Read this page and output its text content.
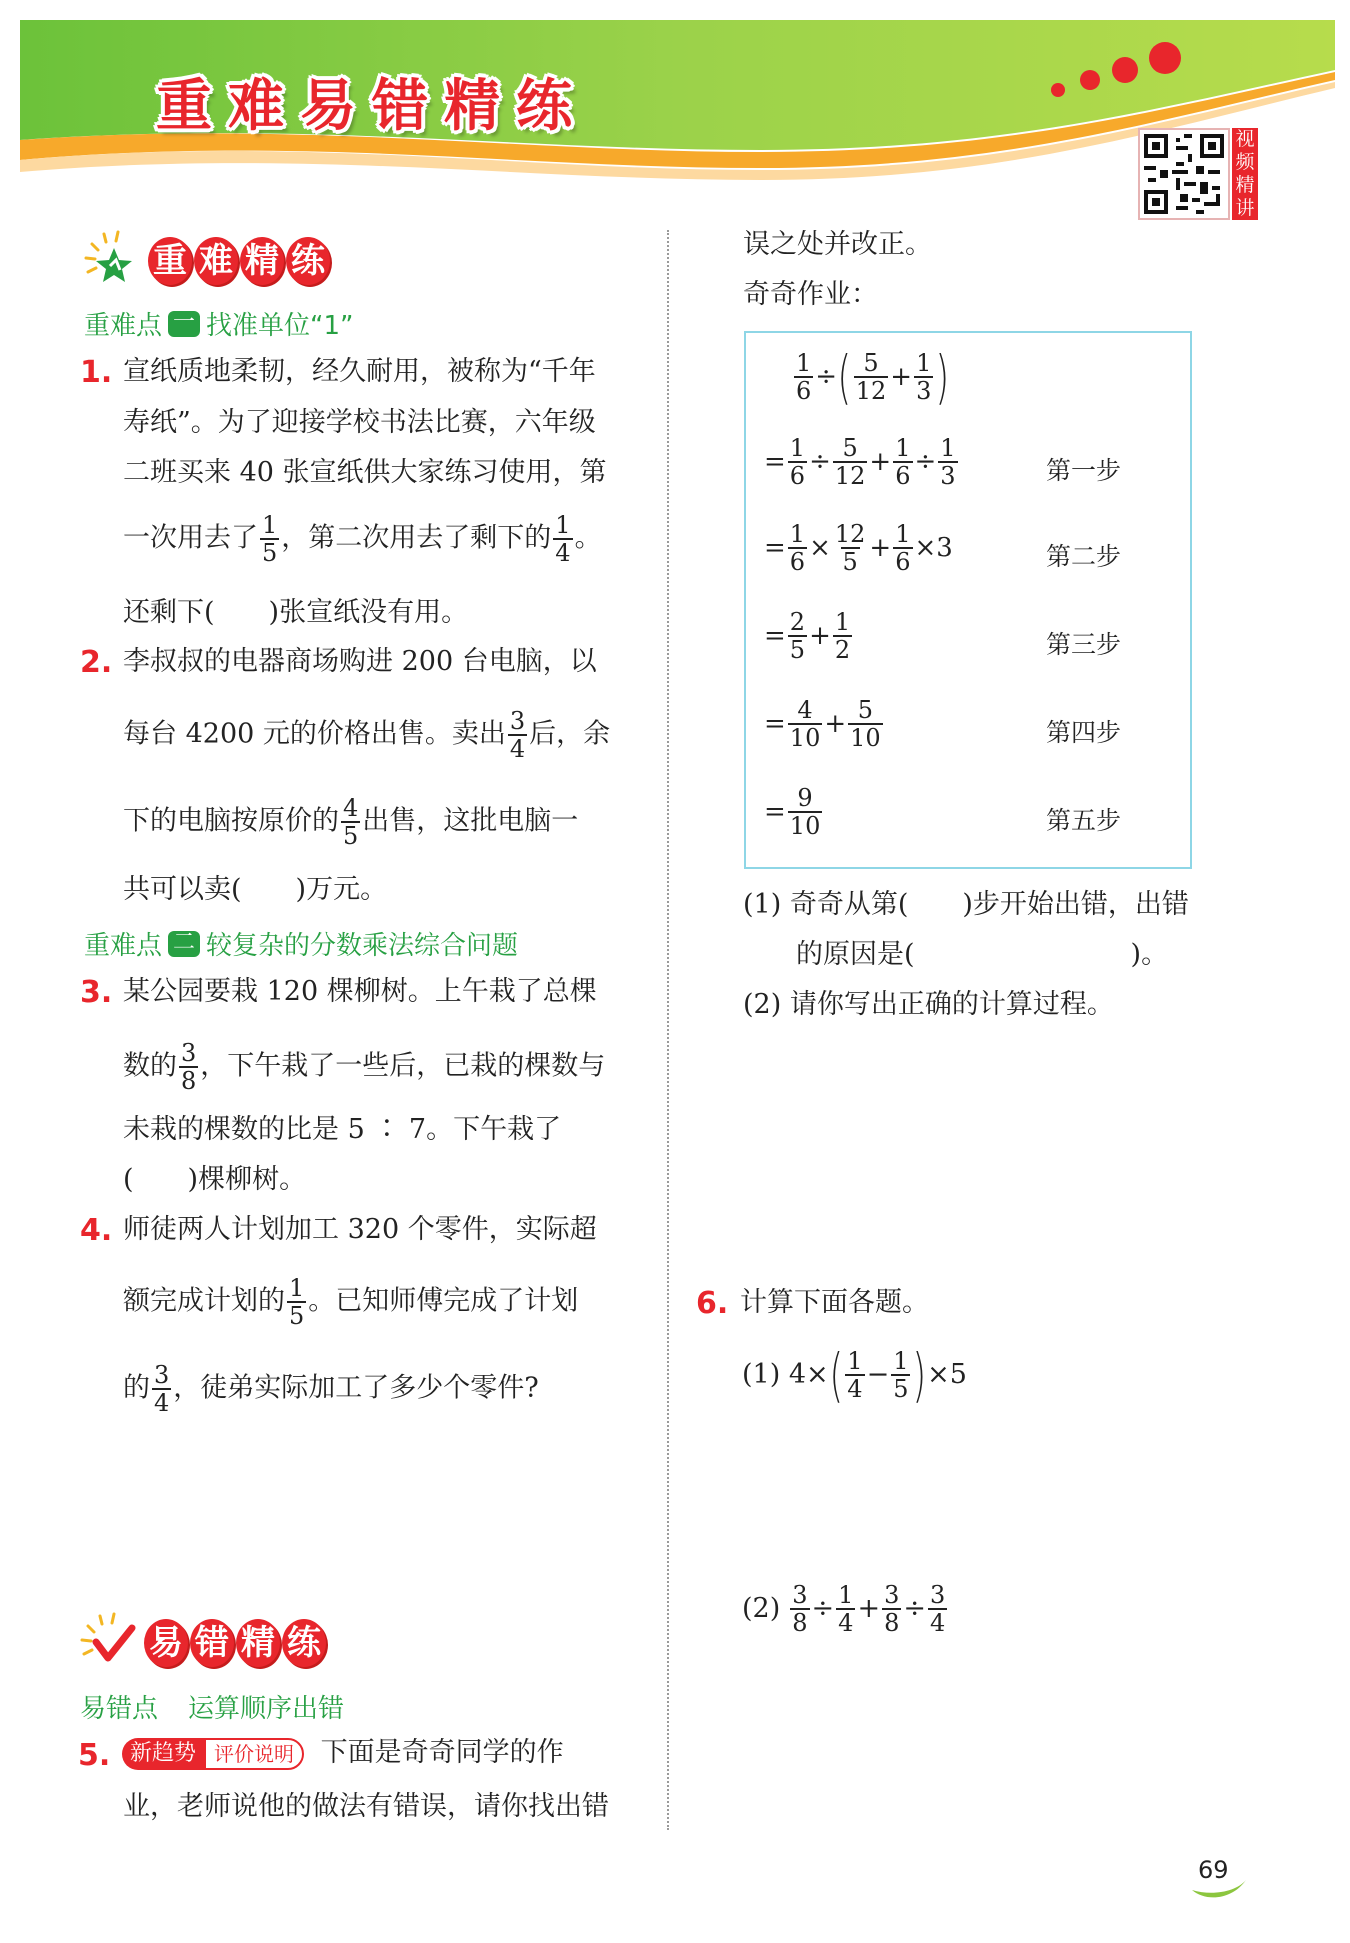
重 难 易 错 精 练	视
频
精
讲
重 难 精 练
重难点 一 找准单位“1”
1. 宣纸质地柔韧，经久耐用，被称为“千年
寿纸”。为了迎接学校书法比赛，六年级
二班买来 40 张宣纸供大家练习使用，第
一次用去了 $\frac{1}{5}$ ，第二次用去了剩下的 $\frac{1}{4}$ 。
还剩下(　　)张宣纸没有用。
2. 李叔叔的电器商场购进 200 台电脑，以
每台 4200 元的价格出售。卖出 $\frac{3}{4}$ 后，余
下的电脑按原价的 $\frac{4}{5}$ 出售，这批电脑一
共可以卖(　　)万元。
重难点 二 较复杂的分数乘法综合问题
3. 某公园要栽 120 棵柳树。上午栽了总棵
数的 $\frac{3}{8}$ ，下午栽了一些后，已栽的棵数与
未栽的棵数的比是 5 ∶ 7。下午栽了
(　　)棵柳树。
4. 师徒两人计划加工 320 个零件，实际超
额完成计划的 $\frac{1}{5}$ 。已知师傅完成了计划
的 $\frac{3}{4}$ ，徒弟实际加工了多少个零件?
易 错 精 练
易错点 运算顺序出错
5. 新趋势 评价说明 下面是奇奇同学的作
业，老师说他的做法有错误，请你找出错
误之处并改正。
奇奇作业：
$\frac{1}{6}$ ÷ ( $\frac{5}{12} + \frac{1}{3}$ )
= $\frac{1}{6} \div \frac{5}{12} + \frac{1}{6} \div \frac{1}{3}$	第一步
= $\frac{1}{6} \times \frac{12}{5} + \frac{1}{6} \times 3$	第二步
= $\frac{2}{5} + \frac{1}{2}$	第三步
= $\frac{4}{10} + \frac{5}{10}$	第四步
= $\frac{9}{10}$	第五步
(1) 奇奇从第(　　)步开始出错，出错
的原因是(　　　　　　　　)。
(2) 请你写出正确的计算过程。
6. 计算下面各题。
(1) 4× ( $\frac{1}{4} - \frac{1}{5}$ ) ×5
$(2) \frac{3}{8} \div \frac{1}{4} + \frac{3}{8} \div \frac{3}{4}$
69
